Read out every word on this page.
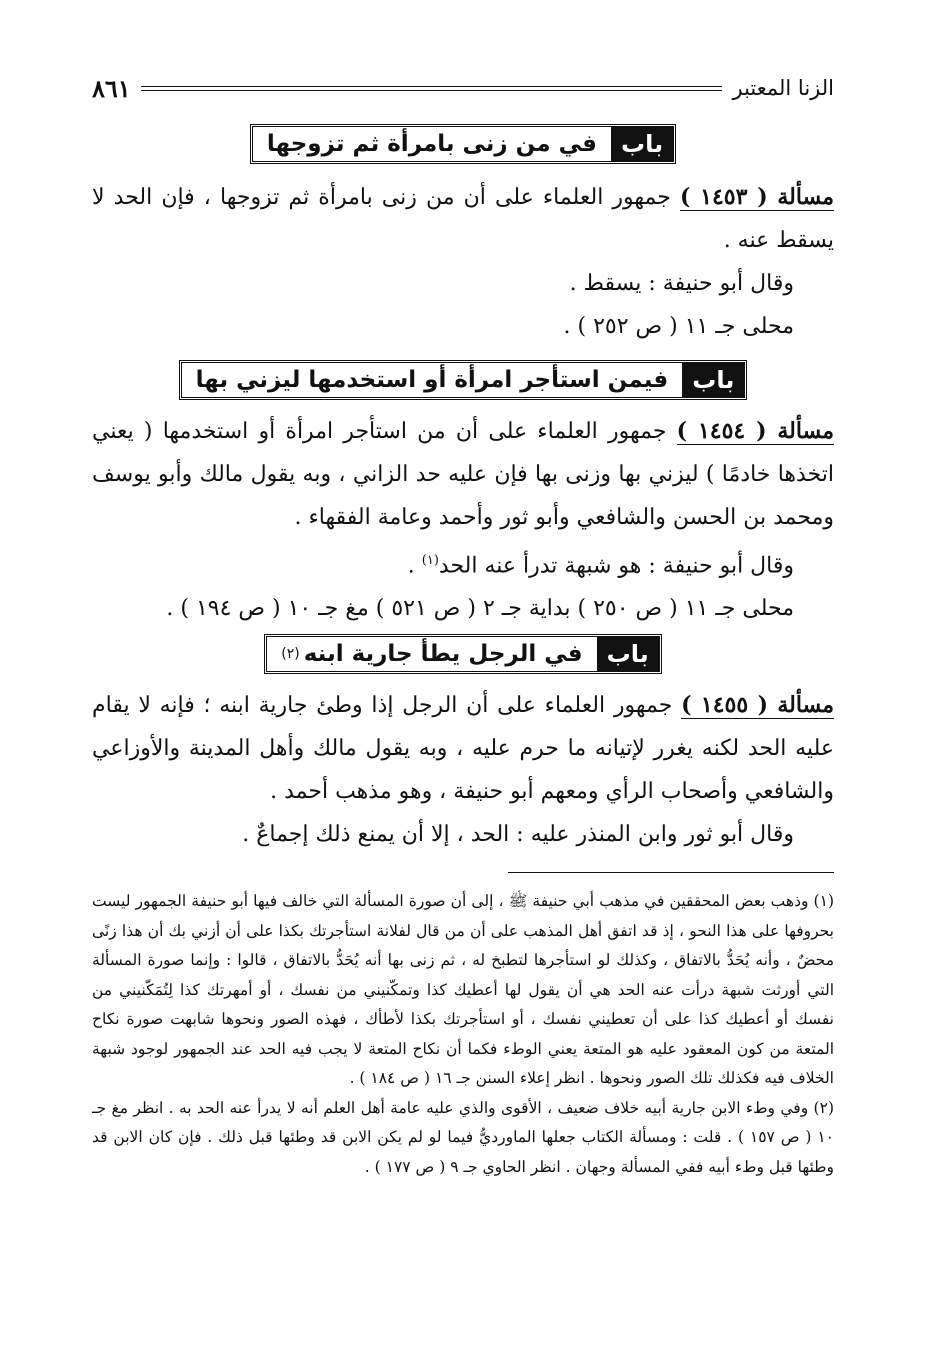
الزنا المعتبر
٨٦١
باب
في من زنى بامرأة ثم تزوجها

مسألة ( ١٤٥٣ ) جمهور العلماء على أن من زنى بامرأة ثم تزوجها ، فإن الحد لا يسقط عنه .

وقال أبو حنيفة : يسقط .

محلى جـ ١١ ( ص ٢٥٢ ) .

باب
فيمن استأجر امرأة أو استخدمها ليزني بها

مسألة ( ١٤٥٤ ) جمهور العلماء على أن من استأجر امرأة أو استخدمها ( يعني اتخذها خادمًا ) ليزني بها وزنى بها فإن عليه حد الزاني ، وبه يقول مالك وأبو يوسف ومحمد بن الحسن والشافعي وأبو ثور وأحمد وعامة الفقهاء .

وقال أبو حنيفة : هو شبهة تدرأ عنه الحد$^{(١)}$ .

محلى جـ ١١ ( ص ٢٥٠ ) بداية جـ ٢ ( ص ٥٢١ ) مغ جـ ١٠ ( ص ١٩٤ ) .

باب
في الرجل يطأ جارية ابنه
(٢)

مسألة ( ١٤٥٥ ) جمهور العلماء على أن الرجل إذا وطئ جارية ابنه ؛ فإنه لا يقام عليه الحد لكنه يغرر لإتيانه ما حرم عليه ، وبه يقول مالك وأهل المدينة والأوزاعي والشافعي وأصحاب الرأي ومعهم أبو حنيفة ، وهو مذهب أحمد .

وقال أبو ثور وابن المنذر عليه : الحد ، إلا أن يمنع ذلك إجماعٌ .

(١) وذهب بعض المحققين في مذهب أبي حنيفة ﷺ ، إلى أن صورة المسألة التي خالف فيها أبو حنيفة الجمهور ليست بحروفها على هذا النحو ، إذ قد اتفق أهل المذهب على أن من قال لفلانة استأجرتك بكذا على أن أزني بك أن هذا زنًى محضٌ ، وأنه يُحَدُّ بالاتفاق ، وكذلك لو استأجرها لتطبخ له ، ثم زنى بها أنه يُحَدُّ بالاتفاق ، قالوا : وإنما صورة المسألة التي أورثت شبهة درأت عنه الحد هي أن يقول لها أعطيك كذا وتمكّنيني من نفسك ، أو أمهرتك كذا لِتُمَكّنيني من نفسك أو أعطيك كذا على أن تعطيني نفسك ، أو استأجرتك بكذا لأطأك ، فهذه الصور ونحوها شابهت صورة نكاح المتعة من كون المعقود عليه هو المتعة يعني الوطء فكما أن نكاح المتعة لا يجب فيه الحد عند الجمهور لوجود شبهة الخلاف فيه فكذلك تلك الصور ونحوها . انظر إعلاء السنن جـ ١٦ ( ص ١٨٤ ) .

(٢) وفي وطء الابن جارية أبيه خلاف ضعيف ، الأقوى والذي عليه عامة أهل العلم أنه لا يدرأ عنه الحد به . انظر مغ جـ ١٠ ( ص ١٥٧ ) . قلت : ومسألة الكتاب جعلها الماورديُّ فيما لو لم يكن الابن قد وطئها قبل ذلك . فإن كان الابن قد وطئها قبل وطء أبيه ففي المسألة وجهان . انظر الحاوي جـ ٩ ( ص ١٧٧ ) .
